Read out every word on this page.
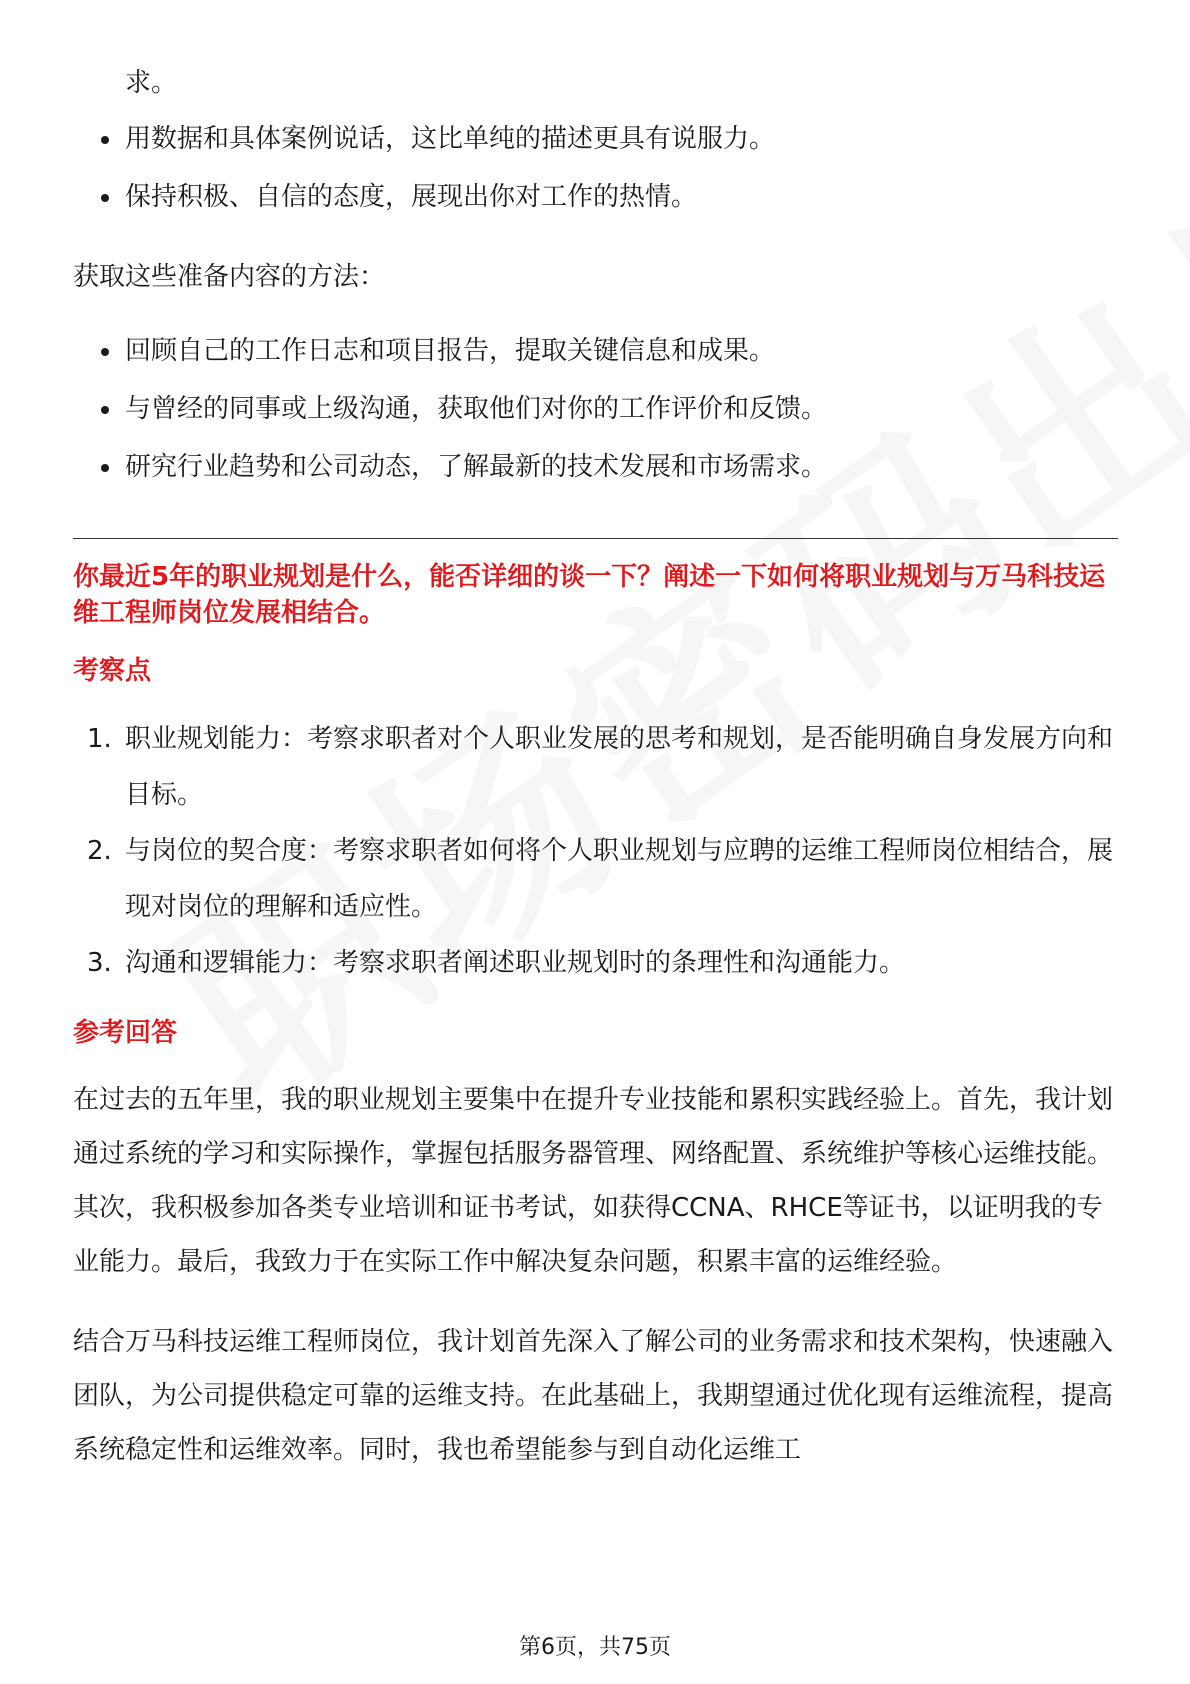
求。

用数据和具体案例说话，这比单纯的描述更具有说服力。
保持积极、自信的态度，展现出你对工作的热情。

获取这些准备内容的方法：

回顾自己的工作日志和项目报告，提取关键信息和成果。
与曾经的同事或上级沟通，获取他们对你的工作评价和反馈。
研究行业趋势和公司动态，了解最新的技术发展和市场需求。

你最近5年的职业规划是什么，能否详细的谈一下？阐述一下如何将职业规划与万马科技运维工程师岗位发展相结合。

考察点

1. 职业规划能力：考察求职者对个人职业发展的思考和规划，是否能明确自身发展方向和目标。
2. 与岗位的契合度：考察求职者如何将个人职业规划与应聘的运维工程师岗位相结合，展现对岗位的理解和适应性。
3. 沟通和逻辑能力：考察求职者阐述职业规划时的条理性和沟通能力。

参考回答

在过去的五年里，我的职业规划主要集中在提升专业技能和累积实践经验上。首先，我计划通过系统的学习和实际操作，掌握包括服务器管理、网络配置、系统维护等核心运维技能。其次，我积极参加各类专业培训和证书考试，如获得CCNA、RHCE等证书，以证明我的专业能力。最后，我致力于在实际工作中解决复杂问题，积累丰富的运维经验。

结合万马科技运维工程师岗位，我计划首先深入了解公司的业务需求和技术架构，快速融入团队，为公司提供稳定可靠的运维支持。在此基础上，我期望通过优化现有运维流程，提高系统稳定性和运维效率。同时，我也希望能参与到自动化运维工

第6页，共75页
